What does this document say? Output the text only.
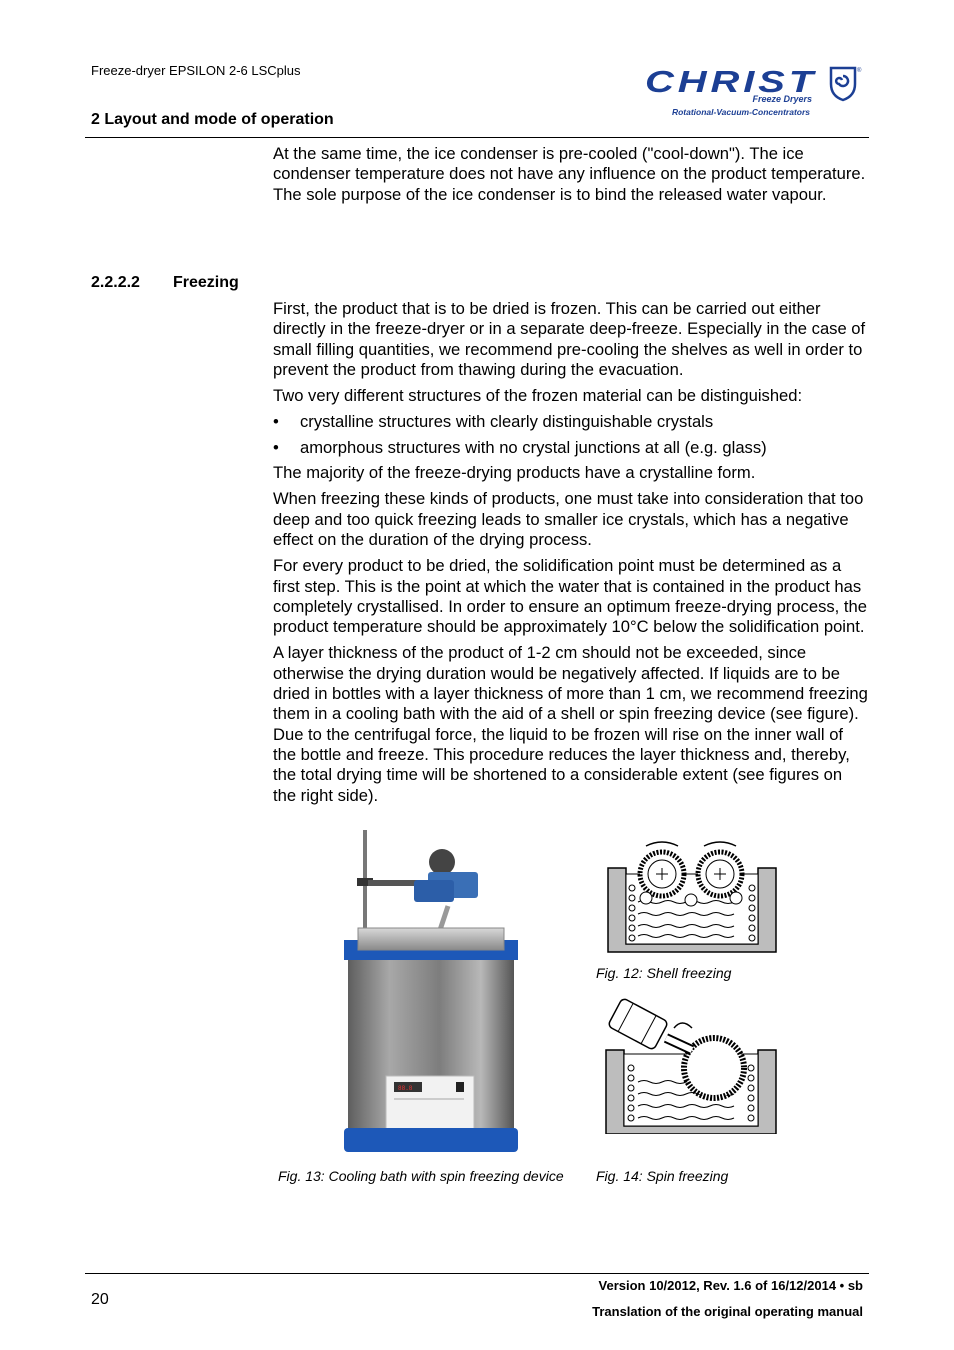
Freeze-dryer EPSILON 2-6 LSCplus
2 Layout and mode of operation
CHRIST	®
Freeze Dryers
Rotational-Vacuum-Concentrators

At the same time, the ice condenser is pre-cooled ("cool-down"). The ice condenser temperature does not have any influence on the product temperature. The sole purpose of the ice condenser is to bind the released water vapour.

2.2.2.2 Freezing

First, the product that is to be dried is frozen. This can be carried out either directly in the freeze-dryer or in a separate deep-freeze. Especially in the case of small filling quantities, we recommend pre-cooling the shelves as well in order to prevent the product from thawing during the evacuation.

Two very different structures of the frozen material can be distinguished:

• crystalline structures with clearly distinguishable crystals
• amorphous structures with no crystal junctions at all (e.g. glass)

The majority of the freeze-drying products have a crystalline form.

When freezing these kinds of products, one must take into consideration that too deep and too quick freezing leads to smaller ice crystals, which has a negative effect on the duration of the drying process.

For every product to be dried, the solidification point must be determined as a first step. This is the point at which the water that is contained in the product has completely crystallised. In order to ensure an optimum freeze-drying process, the product temperature should be approximately 10°C below the solidification point.

A layer thickness of the product of 1-2 cm should not be exceeded, since otherwise the drying duration would be negatively affected. If liquids are to be dried in bottles with a layer thickness of more than 1 cm, we recommend freezing them in a cooling bath with the aid of a shell or spin freezing device (see figure). Due to the centrifugal force, the liquid to be frozen will rise on the inner wall of the bottle and freeze. This procedure reduces the layer thickness and, thereby, the total drying time will be shortened to a considerable extent (see figures on the right side).

88.8
Fig. 12: Shell freezing
Fig. 13: Cooling bath with spin freezing device Fig. 14: Spin freezing
20
Version 10/2012, Rev. 1.6 of 16/12/2014 • sb
Translation of the original operating manual
